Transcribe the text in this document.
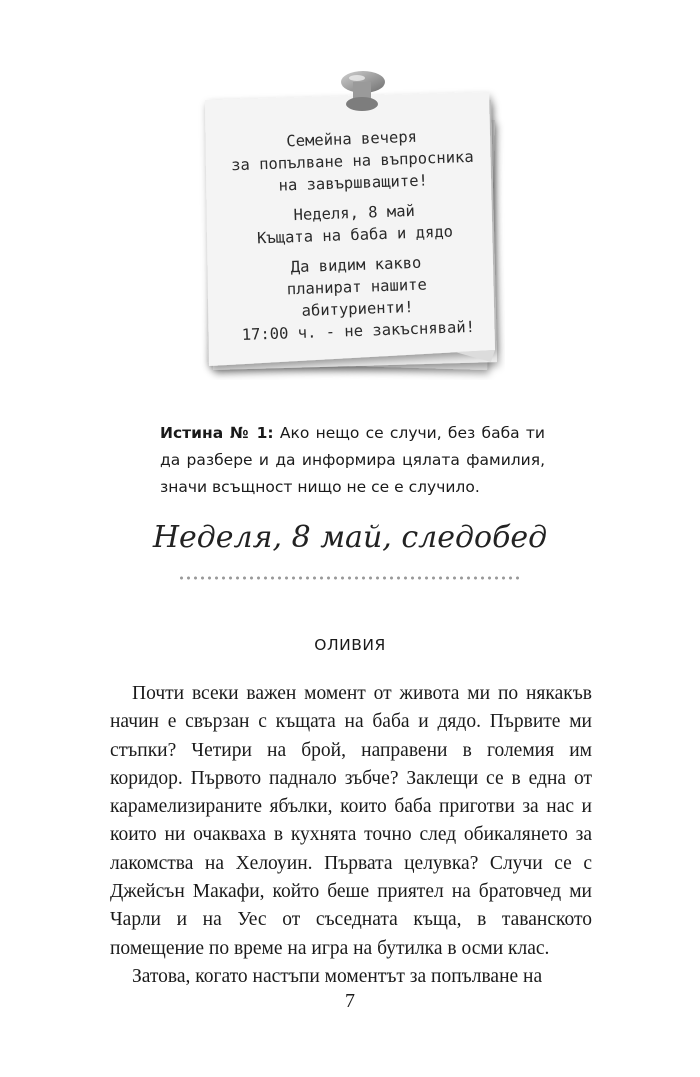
Семейна вечеря
за попълване на въпросника
на завършващите!
Неделя, 8 май
Къщата на баба и дядо
Да видим какво
планират нашите
абитуриенти!
17:00 ч. - не закъснявай!
Истина № 1: Ако нещо се случи, без баба ти да разбере и да информира цялата фамилия, значи всъщност нищо не се е случило.
Неделя, 8 май, следобед
ОЛИВИЯ

Почти всеки важен момент от живота ми по някакъв начин е свързан с къщата на баба и дядо. Първите ми стъпки? Четири на брой, направени в големия им коридор. Първото паднало зъбче? Заклещи се в една от карамелизираните ябълки, които баба приготви за нас и които ни очакваха в кухнята точно след обикалянето за лакомства на Хелоуин. Първата целувка? Случи се с Джейсън Макафи, който беше приятел на братовчед ми Чарли и на Уес от съседната къща, в таванското помещение по време на игра на бутилка в осми клас.

Затова, когато настъпи моментът за попълване на

7
